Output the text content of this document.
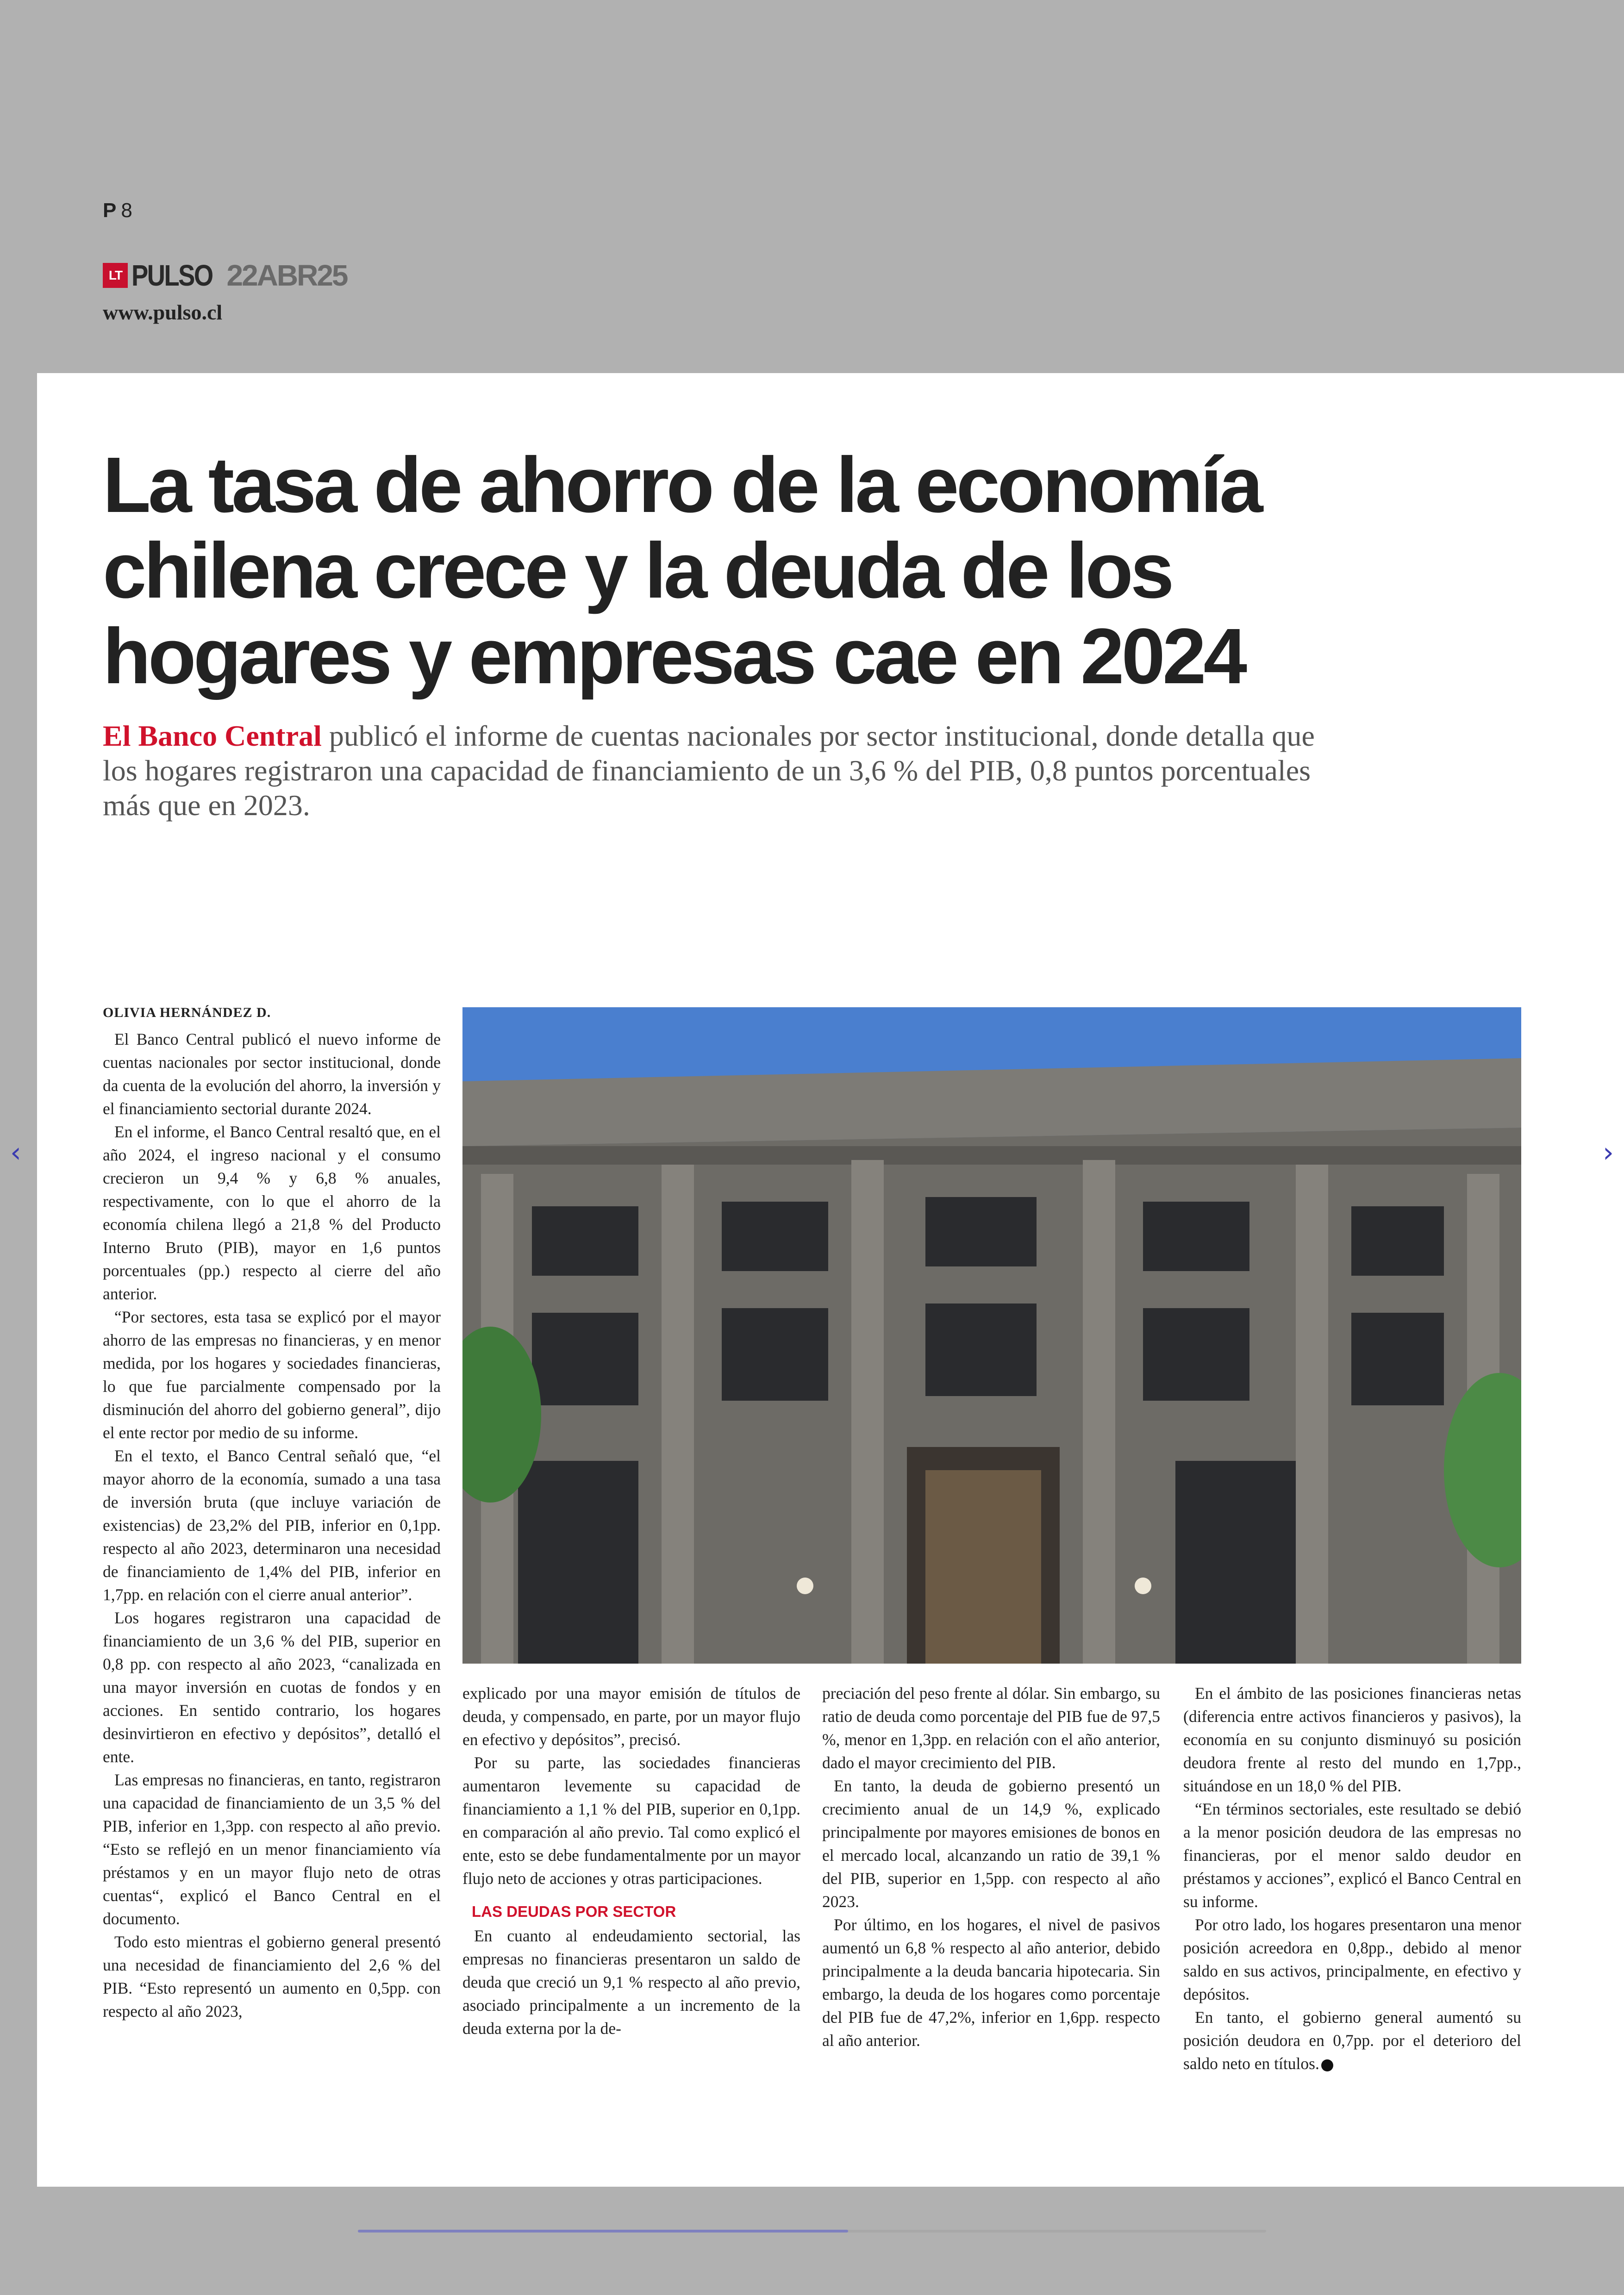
P 8
LT PULSO 22ABR25
www.pulso.cl
La tasa de ahorro de la economía chilena crece y la deuda de los hogares y empresas cae en 2024

El Banco Central publicó el informe de cuentas nacionales por sector institucional, donde detalla que los hogares registraron una capacidad de financiamiento de un 3,6 % del PIB, 0,8 puntos porcentuales más que en 2023.

OLIVIA HERNÁNDEZ D.

El Banco Central publicó el nuevo informe de cuentas nacionales por sector institucional, donde da cuenta de la evolución del ahorro, la inversión y el financiamiento sectorial durante 2024.

En el informe, el Banco Central resaltó que, en el año 2024, el ingreso nacional y el consumo crecieron un 9,4 % y 6,8 % anuales, respectivamente, con lo que el ahorro de la economía chilena llegó a 21,8 % del Producto Interno Bruto (PIB), mayor en 1,6 puntos porcentuales (pp.) respecto al cierre del año anterior.

“Por sectores, esta tasa se explicó por el mayor ahorro de las empresas no financieras, y en menor medida, por los hogares y sociedades financieras, lo que fue parcialmente compensado por la disminución del ahorro del gobierno general”, dijo el ente rector por medio de su informe.

En el texto, el Banco Central señaló que, “el mayor ahorro de la economía, sumado a una tasa de inversión bruta (que incluye variación de existencias) de 23,2% del PIB, inferior en 0,1pp. respecto al año 2023, determinaron una necesidad de financiamiento de 1,4% del PIB, inferior en 1,7pp. en relación con el cierre anual anterior”.

Los hogares registraron una capacidad de financiamiento de un 3,6 % del PIB, superior en 0,8 pp. con respecto al año 2023, “canalizada en una mayor inversión en cuotas de fondos y en acciones. En sentido contrario, los hogares desinvirtieron en efectivo y depósitos”, detalló el ente.

Las empresas no financieras, en tanto, registraron una capacidad de financiamiento de un 3,5 % del PIB, inferior en 1,3pp. con respecto al año previo. “Esto se reflejó en un menor financiamiento vía préstamos y en un mayor flujo neto de otras cuentas“, explicó el Banco Central en el documento.

Todo esto mientras el gobierno general presentó una necesidad de financiamiento del 2,6 % del PIB. “Esto representó un aumento en 0,5pp. con respecto al año 2023,

explicado por una mayor emisión de títulos de deuda, y compensado, en parte, por un mayor flujo en efectivo y depósitos”, precisó.

Por su parte, las sociedades financieras aumentaron levemente su capacidad de financiamiento a 1,1 % del PIB, superior en 0,1pp. en comparación al año previo. Tal como explicó el ente, esto se debe fundamentalmente por un mayor flujo neto de acciones y otras participaciones.

LAS DEUDAS POR SECTOR

En cuanto al endeudamiento sectorial, las empresas no financieras presentaron un saldo de deuda que creció un 9,1 % respecto al año previo, asociado principalmente a un incremento de la deuda externa por la de-

preciación del peso frente al dólar. Sin embargo, su ratio de deuda como porcentaje del PIB fue de 97,5 %, menor en 1,3pp. en relación con el año anterior, dado el mayor crecimiento del PIB.

En tanto, la deuda de gobierno presentó un crecimiento anual de un 14,9 %, explicado principalmente por mayores emisiones de bonos en el mercado local, alcanzando un ratio de 39,1 % del PIB, superior en 1,5pp. con respecto al año 2023.

Por último, en los hogares, el nivel de pasivos aumentó un 6,8 % respecto al año anterior, debido principalmente a la deuda bancaria hipotecaria. Sin embargo, la deuda de los hogares como porcentaje del PIB fue de 47,2%, inferior en 1,6pp. respecto al año anterior.

En el ámbito de las posiciones financieras netas (diferencia entre activos financieros y pasivos), la economía en su conjunto disminuyó su posición deudora frente al resto del mundo en 1,7pp., situándose en un 18,0 % del PIB.

“En términos sectoriales, este resultado se debió a la menor posición deudora de las empresas no financieras, por el menor saldo deudor en préstamos y acciones”, explicó el Banco Central en su informe.

Por otro lado, los hogares presentaron una menor posición acreedora en 0,8pp., debido al menor saldo en sus activos, principalmente, en efectivo y depósitos.

En tanto, el gobierno general aumentó su posición deudora en 0,7pp. por el deterioro del saldo neto en títulos. P

‹	›
